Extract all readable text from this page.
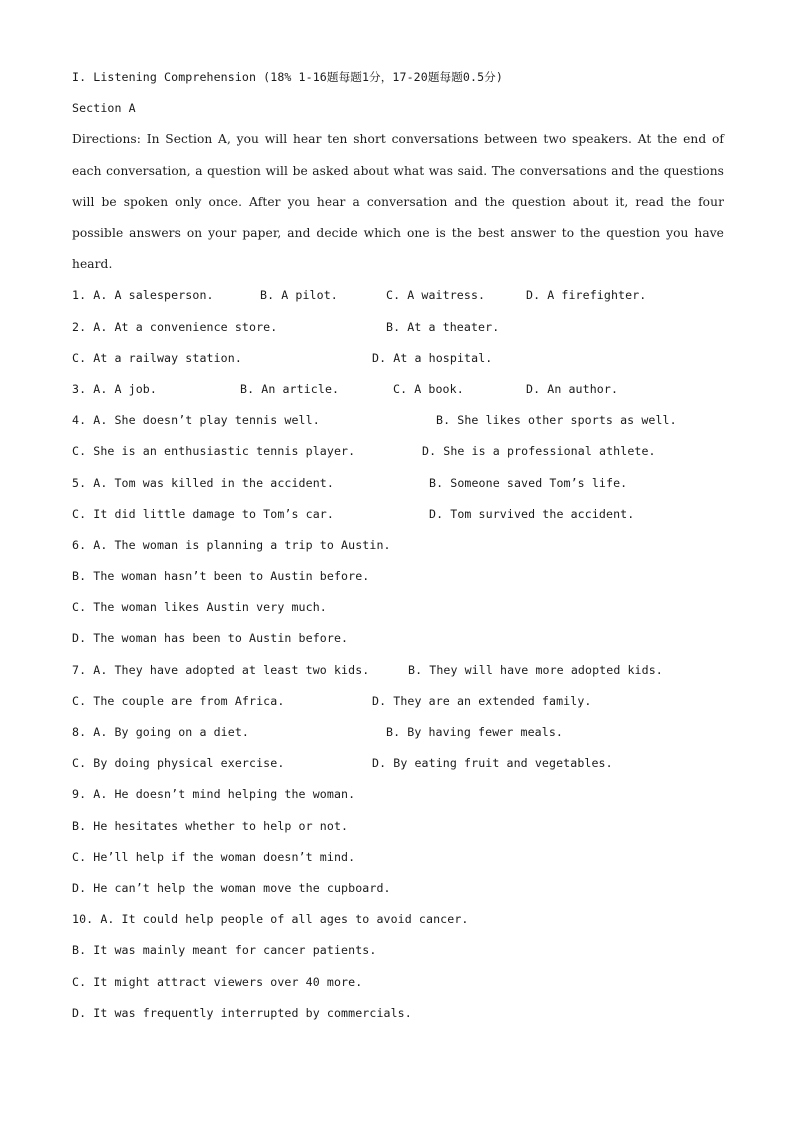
I. Listening Comprehension (18% 1-16题每题1分，17-20题每题0.5分)
Section A

Directions: In Section A, you will hear ten short conversations between two speakers. At the end of each conversation, a question will be asked about what was said. The conversations and the questions will be spoken only once. After you hear a conversation and the question about it, read the four possible answers on your paper, and decide which one is the best answer to the question you have heard.

1. A. A salesperson.

	B. A pilot.

	C. A waitress.

	D. A firefighter.

2. A. At a convenience store.

	B. At a theater.

C. At a railway station.

	D. At a hospital.

3. A. A job.

	B. An article.

	C. A book.

	D. An author.

4. A. She doesn’t play tennis well.

	B. She likes other sports as well.

C. She is an enthusiastic tennis player.

	D. She is a professional athlete.

5. A. Tom was killed in the accident.

	B. Someone saved Tom’s life.

C. It did little damage to Tom’s car.

	D. Tom survived the accident.

6. A. The woman is planning a trip to Austin.
B. The woman hasn’t been to Austin before.
C. The woman likes Austin very much.
D. The woman has been to Austin before.

7. A. They have adopted at least two kids.

	B. They will have more adopted kids.

C. The couple are from Africa.

	D. They are an extended family.

8. A. By going on a diet.

	B. By having fewer meals.

C. By doing physical exercise.

	D. By eating fruit and vegetables.

9. A. He doesn’t mind helping the woman.
B. He hesitates whether to help or not.
C. He’ll help if the woman doesn’t mind.
D. He can’t help the woman move the cupboard.
10. A. It could help people of all ages to avoid cancer.
B. It was mainly meant for cancer patients.
C. It might attract viewers over 40 more.
D. It was frequently interrupted by commercials.
